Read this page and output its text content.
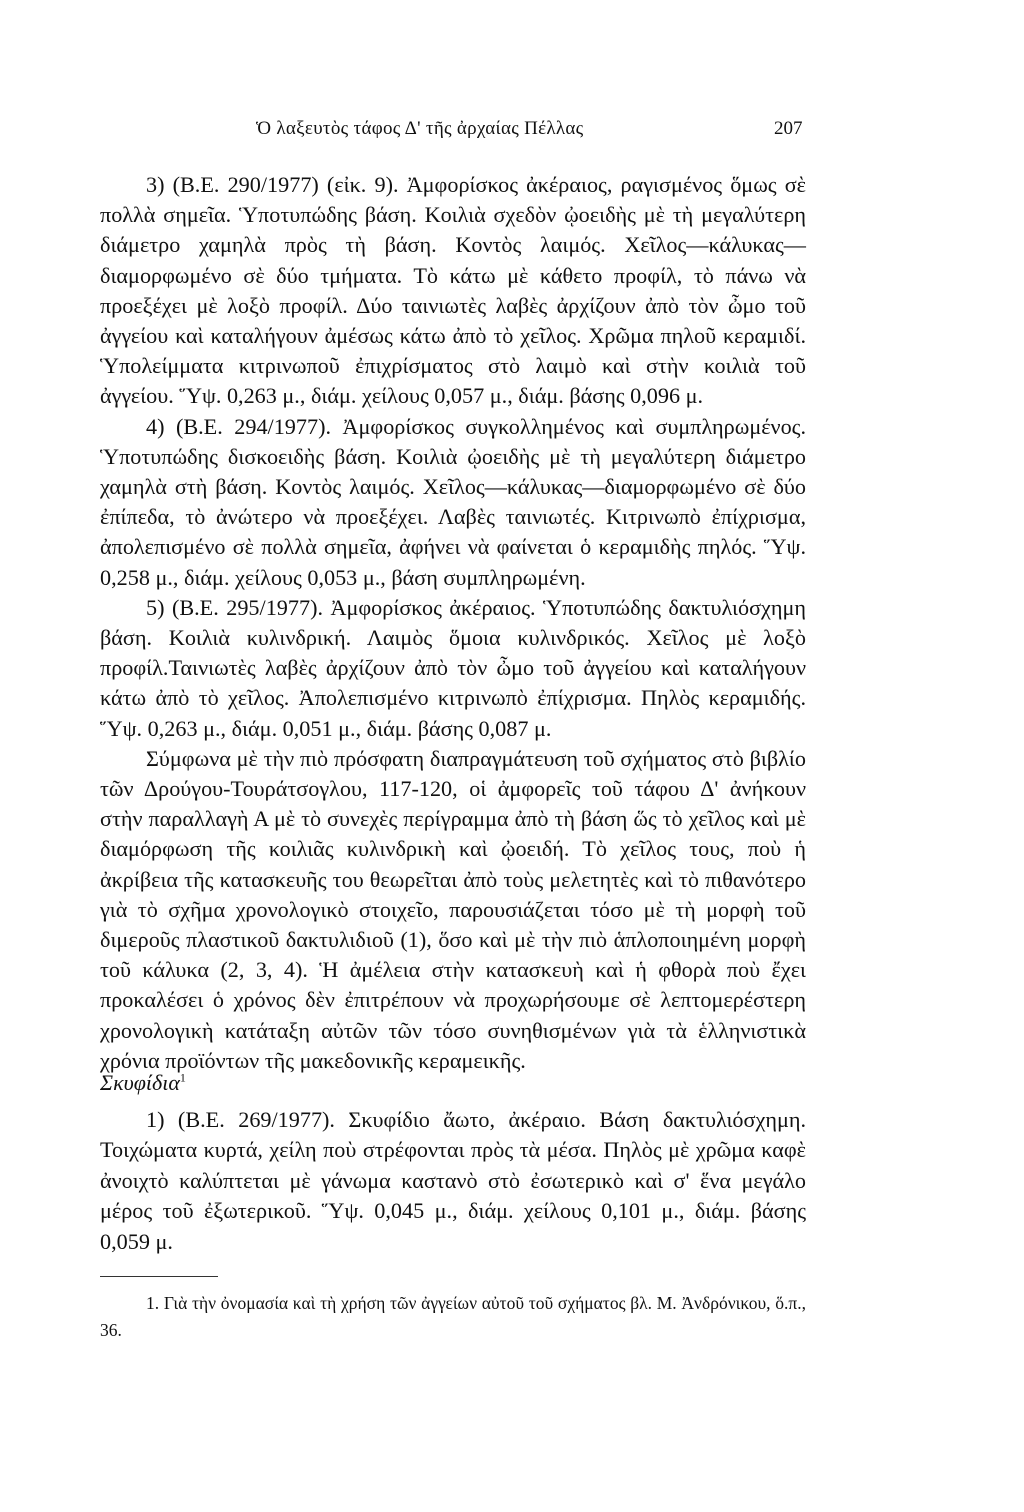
Ὁ λαξευτὸς τάφος Δ' τῆς ἀρχαίας Πέλλας	207

3) (Β.Ε. 290/1977) (εἰκ. 9). Ἀμφορίσκος ἀκέραιος, ραγισμένος ὅμως σὲ πολλὰ σημεῖα. Ὑποτυπώδης βάση. Κοιλιὰ σχεδὸν ᾠοειδὴς μὲ τὴ μεγαλύτερη διάμετρο χαμηλὰ πρὸς τὴ βάση. Κοντὸς λαιμός. Χεῖλος—κάλυκας—διαμορφωμένο σὲ δύο τμήματα. Τὸ κάτω μὲ κάθετο προφίλ, τὸ πάνω νὰ προεξέχει μὲ λοξὸ προφίλ. Δύο ταινιωτὲς λαβὲς ἀρχίζουν ἀπὸ τὸν ὦμο τοῦ ἀγγείου καὶ καταλήγουν ἀμέσως κάτω ἀπὸ τὸ χεῖλος. Χρῶμα πηλοῦ κεραμιδί. Ὑπολείμματα κιτρινωποῦ ἐπιχρίσματος στὸ λαιμὸ καὶ στὴν κοιλιὰ τοῦ ἀγγείου. Ὕψ. 0,263 μ., διάμ. χείλους 0,057 μ., διάμ. βάσης 0,096 μ.

4) (Β.Ε. 294/1977). Ἀμφορίσκος συγκολλημένος καὶ συμπληρωμένος. Ὑποτυπώδης δισκοειδὴς βάση. Κοιλιὰ ᾠοειδὴς μὲ τὴ μεγαλύτερη διάμετρο χαμηλὰ στὴ βάση. Κοντὸς λαιμός. Χεῖλος—κάλυκας—διαμορφωμένο σὲ δύο ἐπίπεδα, τὸ ἀνώτερο νὰ προεξέχει. Λαβὲς ταινιωτές. Κιτρινωπὸ ἐπίχρισμα, ἀπολεπισμένο σὲ πολλὰ σημεῖα, ἀφήνει νὰ φαίνεται ὁ κεραμιδὴς πηλός. Ὕψ. 0,258 μ., διάμ. χείλους 0,053 μ., βάση συμπληρωμένη.

5) (Β.Ε. 295/1977). Ἀμφορίσκος ἀκέραιος. Ὑποτυπώδης δακτυλιόσχημη βάση. Κοιλιὰ κυλινδρική. Λαιμὸς ὅμοια κυλινδρικός. Χεῖλος μὲ λοξὸ προφίλ.Ταινιωτὲς λαβὲς ἀρχίζουν ἀπὸ τὸν ὦμο τοῦ ἀγγείου καὶ καταλήγουν κάτω ἀπὸ τὸ χεῖλος. Ἀπολεπισμένο κιτρινωπὸ ἐπίχρισμα. Πηλὸς κεραμιδής. Ὕψ. 0,263 μ., διάμ. 0,051 μ., διάμ. βάσης 0,087 μ.

Σύμφωνα μὲ τὴν πιὸ πρόσφατη διαπραγμάτευση τοῦ σχήματος στὸ βιβλίο τῶν Δρούγου-Τουράτσογλου, 117-120, οἱ ἀμφορεῖς τοῦ τάφου Δ' ἀνήκουν στὴν παραλλαγὴ Α μὲ τὸ συνεχὲς περίγραμμα ἀπὸ τὴ βάση ὥς τὸ χεῖλος καὶ μὲ διαμόρφωση τῆς κοιλιᾶς κυλινδρικὴ καὶ ᾠοειδή. Τὸ χεῖλος τους, ποὺ ἡ ἀκρίβεια τῆς κατασκευῆς του θεωρεῖται ἀπὸ τοὺς μελετητὲς καὶ τὸ πιθανότερο γιὰ τὸ σχῆμα χρονολογικὸ στοιχεῖο, παρουσιάζεται τόσο μὲ τὴ μορφὴ τοῦ διμεροῦς πλαστικοῦ δακτυλιδιοῦ (1), ὅσο καὶ μὲ τὴν πιὸ ἁπλοποιημένη μορφὴ τοῦ κάλυκα (2, 3, 4). Ἡ ἀμέλεια στὴν κατασκευὴ καὶ ἡ φθορὰ ποὺ ἔχει προκαλέσει ὁ χρόνος δὲν ἐπιτρέπουν νὰ προχωρήσουμε σὲ λεπτομερέστερη χρονολογικὴ κατάταξη αὐτῶν τῶν τόσο συνηθισμένων γιὰ τὰ ἑλληνιστικὰ χρόνια προϊόντων τῆς μακεδονικῆς κεραμεικῆς.

Σκυφίδια$^1$

1) (Β.Ε. 269/1977). Σκυφίδιο ἄωτο, ἀκέραιο. Βάση δακτυλιόσχημη. Τοιχώματα κυρτά, χείλη ποὺ στρέφονται πρὸς τὰ μέσα. Πηλὸς μὲ χρῶμα καφὲ ἀνοιχτὸ καλύπτεται μὲ γάνωμα καστανὸ στὸ ἐσωτερικὸ καὶ σ' ἕνα μεγάλο μέρος τοῦ ἐξωτερικοῦ. Ὕψ. 0,045 μ., διάμ. χείλους 0,101 μ., διάμ. βάσης 0,059 μ.

1. Γιὰ τὴν ὀνομασία καὶ τὴ χρήση τῶν ἀγγείων αὐτοῦ τοῦ σχήματος βλ. Μ. Ἀνδρόνικου, ὅ.π., 36.
